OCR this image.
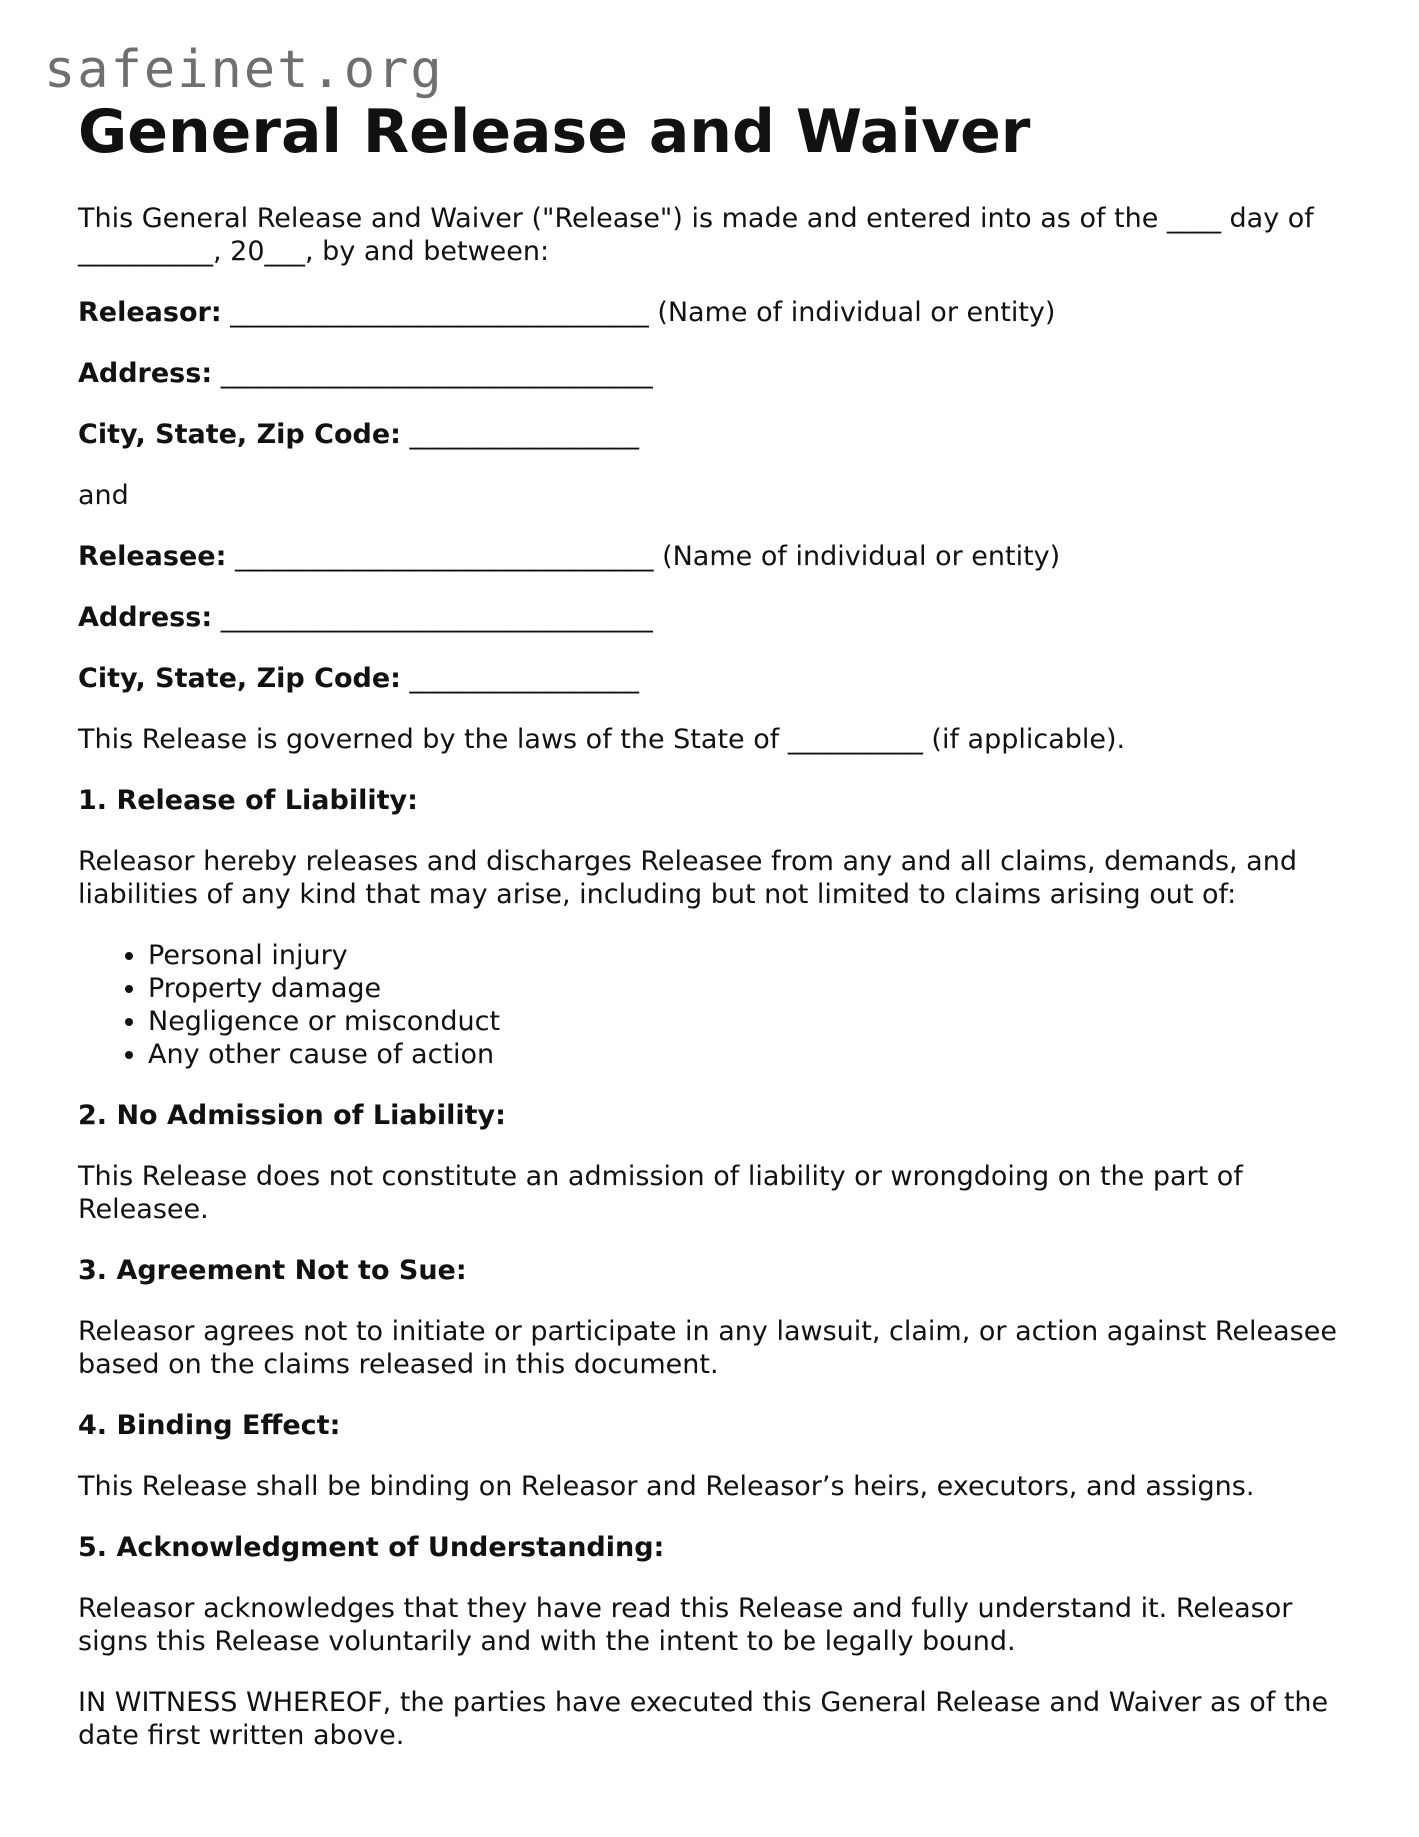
safeinet.org
General Release and Waiver

This General Release and Waiver ("Release") is made and entered into as of the ____ day of __________, 20___, by and between:

Releasor: _______________________________ (Name of individual or entity)

Address: ________________________________

City, State, Zip Code: _________________

and

Releasee: _______________________________ (Name of individual or entity)

Address: ________________________________

City, State, Zip Code: _________________

This Release is governed by the laws of the State of __________ (if applicable).

1. Release of Liability:

Releasor hereby releases and discharges Releasee from any and all claims, demands, and liabilities of any kind that may arise, including but not limited to claims arising out of:

• Personal injury
• Property damage
• Negligence or misconduct
• Any other cause of action

2. No Admission of Liability:

This Release does not constitute an admission of liability or wrongdoing on the part of Releasee.

3. Agreement Not to Sue:

Releasor agrees not to initiate or participate in any lawsuit, claim, or action against Releasee based on the claims released in this document.

4. Binding Effect:

This Release shall be binding on Releasor and Releasor’s heirs, executors, and assigns.

5. Acknowledgment of Understanding:

Releasor acknowledges that they have read this Release and fully understand it. Releasor signs this Release voluntarily and with the intent to be legally bound.

IN WITNESS WHEREOF, the parties have executed this General Release and Waiver as of the date first written above.
